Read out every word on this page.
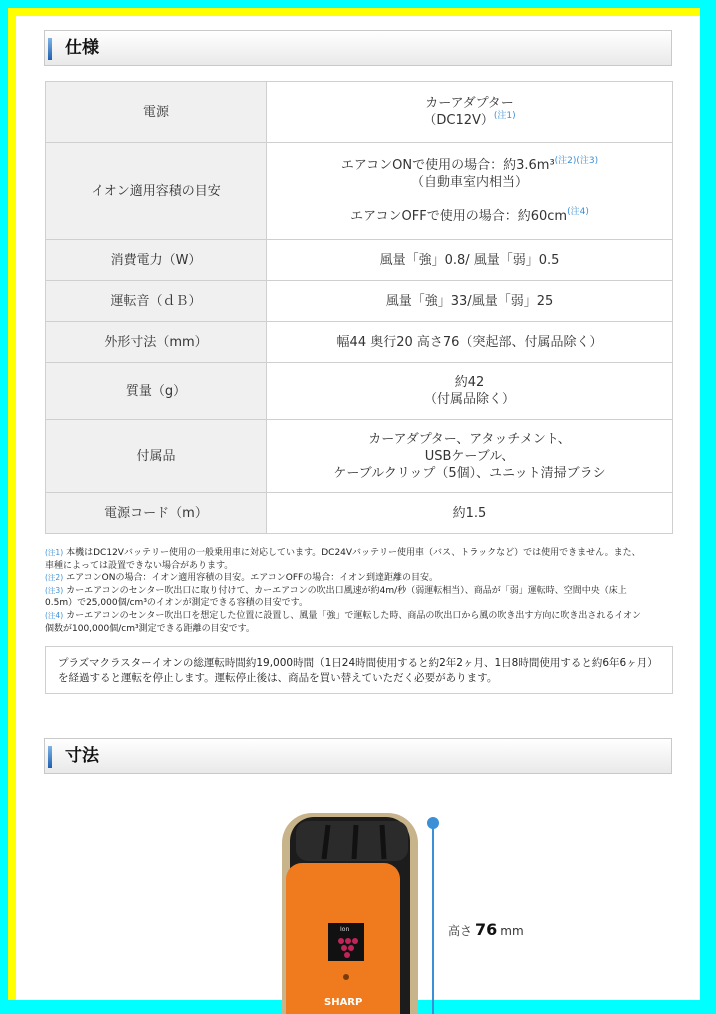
仕様
電源	カーアダプター
（DC12V）$^{(注1)}$

イオン適用容積の目安	エアコンONで使用の場合：約3.6m³$^{(注2)(注3)}$
（自動車室内相当）
エアコンOFFで使用の場合：約60cm$^{(注4)}$

消費電力（W）	風量「強」0.8/ 風量「弱」0.5
運転音（ｄＢ）	風量「強」33/風量「弱」25
外形寸法（mm）	幅44 奥行20 高さ76（突起部、付属品除く）
質量（g）	約42
（付属品除く）

付属品	カーアダプター、アタッチメント、
USBケーブル、
ケーブルクリップ（5個）、ユニット清掃ブラシ

電源コード（m）	約1.5
(注1) 本機はDC12Vバッテリー使用の一般乗用車に対応しています。DC24Vバッテリー使用車（バス、トラックなど）では使用できません。また、車種によっては設置できない場合があります。
(注2) エアコンONの場合：イオン適用容積の目安。エアコンOFFの場合：イオン到達距離の目安。
(注3) カーエアコンのセンター吹出口に取り付けて、カーエアコンの吹出口風速が約4m/秒（弱運転相当）、商品が「弱」運転時、空間中央（床上0.5m）で25,000個/cm³のイオンが測定できる容積の目安です。
(注4) カーエアコンのセンター吹出口を想定した位置に設置し、風量「強」で運転した時、商品の吹出口から風の吹き出す方向に吹き出されるイオン個数が100,000個/cm³測定できる距離の目安です。
プラズマクラスターイオンの総運転時間約19,000時間（1日24時間使用すると約2年2ヶ月、1日8時間使用すると約6年6ヶ月）を経過すると運転を停止します。運転停止後は、商品を買い替えていただく必要があります。
寸法
Ion
SHARP
高さ 76 mm
